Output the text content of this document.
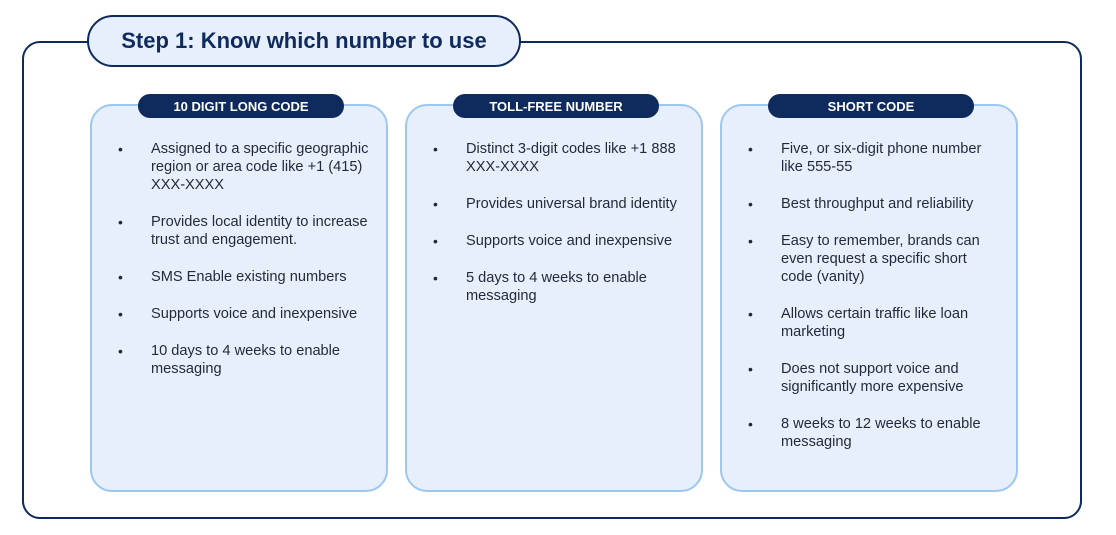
Step 1: Know which number to use
10 DIGIT LONG CODE
• Assigned to a specific geographic region or area code like +1 (415) XXX-XXXX
• Provides local identity to increase trust and engagement.
• SMS Enable existing numbers
• Supports voice and inexpensive
• 10 days to 4 weeks to enable messaging
TOLL-FREE NUMBER
• Distinct 3-digit codes like +1 888 XXX-XXXX
• Provides universal brand identity
• Supports voice and inexpensive
• 5 days to 4 weeks to enable messaging
SHORT CODE
• Five, or six-digit phone number like 555-55
• Best throughput and reliability
• Easy to remember, brands can even request a specific short code (vanity)
• Allows certain traffic like loan marketing
• Does not support voice and significantly more expensive
• 8 weeks to 12 weeks to enable messaging
